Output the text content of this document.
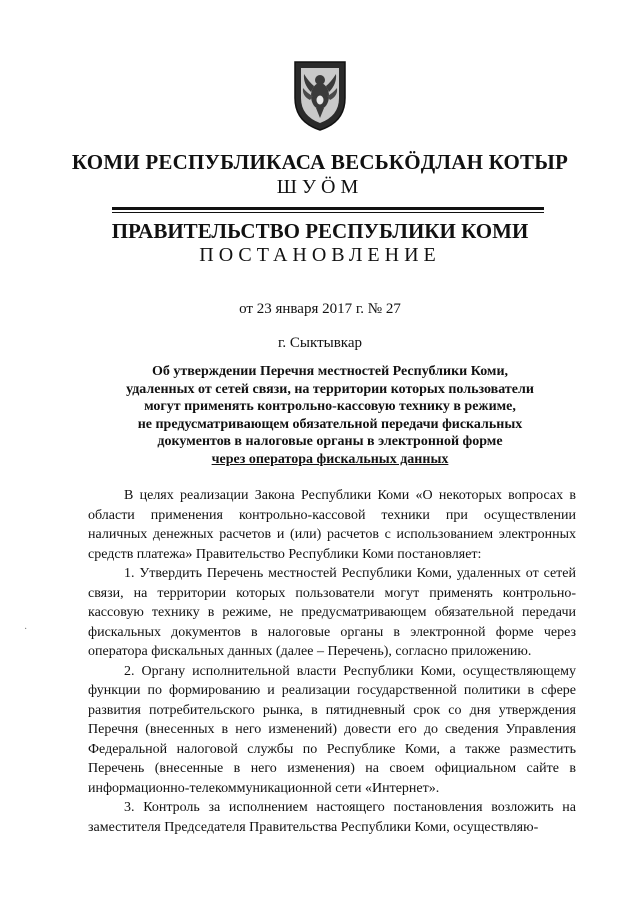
КОМИ РЕСПУБЛИКАСА ВЕСЬКӦДЛАН КОТЫР
ШУӦМ
ПРАВИТЕЛЬСТВО РЕСПУБЛИКИ КОМИ
ПОСТАНОВЛЕНИЕ
от 23 января 2017 г. № 27
г. Сыктывкар
Об утверждении Перечня местностей Республики Коми,
удаленных от сетей связи, на территории которых пользователи
могут применять контрольно-кассовую технику в режиме,
не предусматривающем обязательной передачи фискальных
документов в налоговые органы в электронной форме
через оператора фискальных данных

В целях реализации Закона Республики Коми «О некоторых вопросах в области применения контрольно-кассовой техники при осуществлении наличных денежных расчетов и (или) расчетов с использованием электронных средств платежа» Правительство Республики Коми постановляет:

1. Утвердить Перечень местностей Республики Коми, удаленных от сетей связи, на территории которых пользователи могут применять контрольно-кассовую технику в режиме, не предусматривающем обязательной передачи фискальных документов в налоговые органы в электронной форме через оператора фискальных данных (далее – Перечень), согласно приложению.

2. Органу исполнительной власти Республики Коми, осуществляющему функции по формированию и реализации государственной политики в сфере развития потребительского рынка, в пятидневный срок со дня утверждения Перечня (внесенных в него изменений) довести его до сведения Управления Федеральной налоговой службы по Республике Коми, а также разместить Перечень (внесенные в него изменения) на своем официальном сайте в информационно-телекоммуникационной сети «Интернет».

3. Контроль за исполнением настоящего постановления возложить на заместителя Председателя Правительства Республики Коми, осуществляю-

·
